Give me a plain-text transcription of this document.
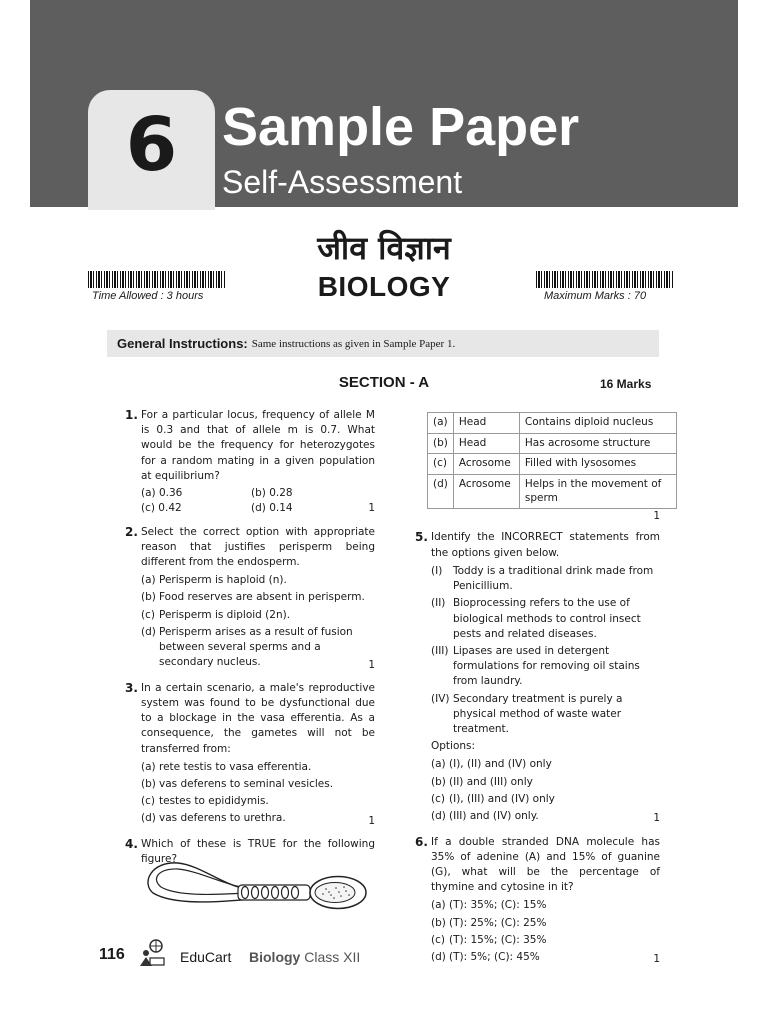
6 Sample Paper
Self-Assessment
जीव विज्ञान
BIOLOGY
Time Allowed : 3 hours	Maximum Marks : 70
General Instructions: Same instructions as given in Sample Paper 1.
SECTION - A	16 Marks
1. For a particular locus, frequency of allele M is 0.3 and that of allele m is 0.7. What would be the frequency for heterozygotes for a random mating in a given population at equilibrium?
(a) 0.36	(b) 0.28
(c) 0.42	(d) 0.14	1
2. Select the correct option with appropriate reason that justifies perisperm being different from the endosperm.
(a) Perisperm is haploid (n).
(b) Food reserves are absent in perisperm.
(c) Perisperm is diploid (2n).
(d) Perisperm arises as a result of fusion between several sperms and a secondary nucleus.	1
3. In a certain scenario, a male's reproductive system was found to be dysfunctional due to a blockage in the vasa efferentia. As a consequence, the gametes will not be transferred from:
(a) rete testis to vasa efferentia.
(b) vas deferens to seminal vesicles.
(c) testes to epididymis.
(d) vas deferens to urethra.	1
4. Which of these is TRUE for the following figure?
(a)	Head	Contains diploid nucleus
(b)	Head	Has acrosome structure
(c)	Acrosome	Filled with lysosomes
(d)	Acrosome	Helps in the movement of sperm
1
5. Identify the INCORRECT statements from the options given below.
(I) Toddy is a traditional drink made from Penicillium.
(II) Bioprocessing refers to the use of biological methods to control insect pests and related diseases.
(III) Lipases are used in detergent formulations for removing oil stains from laundry.
(IV) Secondary treatment is purely a physical method of waste water treatment.
Options:
(a) (I), (II) and (IV) only
(b) (II) and (III) only
(c) (I), (III) and (IV) only
(d) (III) and (IV) only.	1
6. If a double stranded DNA molecule has 35% of adenine (A) and 15% of guanine (G), what will be the percentage of thymine and cytosine in it?
(a) (T): 35%; (C): 15%
(b) (T): 25%; (C): 25%
(c) (T): 15%; (C): 35%
(d) (T): 5%; (C): 45%	1
116	EduCart Biology Class XII
